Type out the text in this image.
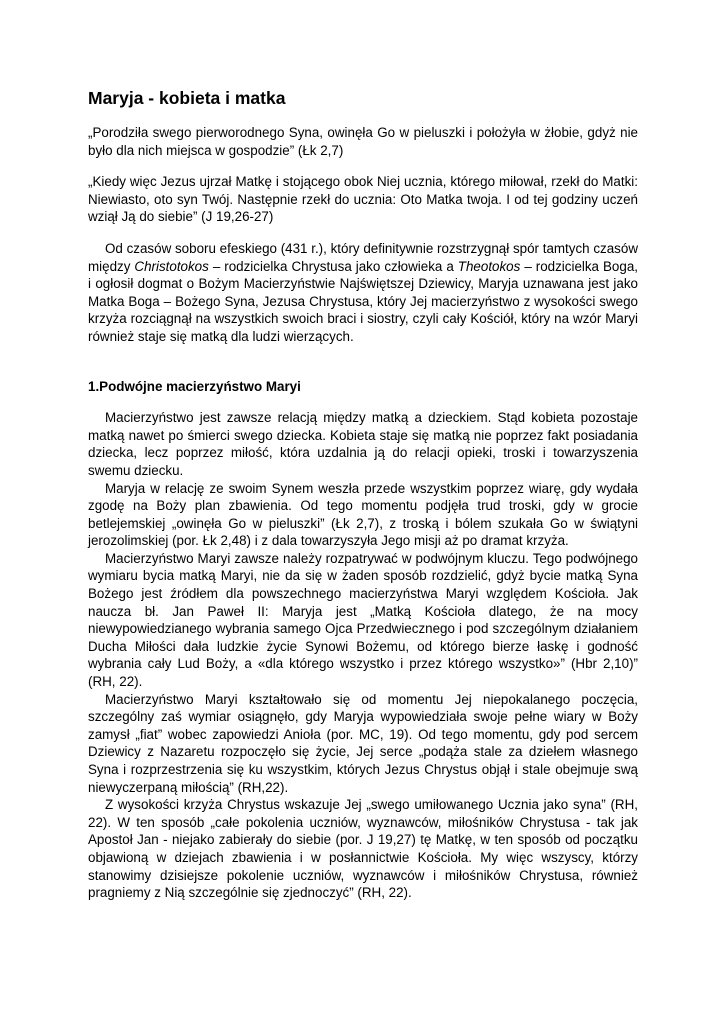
Maryja - kobieta i matka

„Porodziła swego pierworodnego Syna, owinęła Go w pieluszki i położyła w żłobie, gdyż nie było dla nich miejsca w gospodzie” (Łk 2,7)

„Kiedy więc Jezus ujrzał Matkę i stojącego obok Niej ucznia, którego miłował, rzekł do Matki: Niewiasto, oto syn Twój. Następnie rzekł do ucznia: Oto Matka twoja. I od tej godziny uczeń wziął Ją do siebie” (J 19,26-27)

Od czasów soboru efeskiego (431 r.), który definitywnie rozstrzygnął spór tamtych czasów między Christotokos – rodzicielka Chrystusa jako człowieka a Theotokos – rodzicielka Boga, i ogłosił dogmat o Bożym Macierzyństwie Najświętszej Dziewicy, Maryja uznawana jest jako Matka Boga – Bożego Syna, Jezusa Chrystusa, który Jej macierzyństwo z wysokości swego krzyża rozciągnął na wszystkich swoich braci i siostry, czyli cały Kościół, który na wzór Maryi również staje się matką dla ludzi wierzących.

1.Podwójne macierzyństwo Maryi

Macierzyństwo jest zawsze relacją między matką a dzieckiem. Stąd kobieta pozostaje matką nawet po śmierci swego dziecka. Kobieta staje się matką nie poprzez fakt posiadania dziecka, lecz poprzez miłość, która uzdalnia ją do relacji opieki, troski i towarzyszenia swemu dziecku.

Maryja w relację ze swoim Synem weszła przede wszystkim poprzez wiarę, gdy wydała zgodę na Boży plan zbawienia. Od tego momentu podjęła trud troski, gdy w grocie betlejemskiej „owinęła Go w pieluszki” (Łk 2,7), z troską i bólem szukała Go w świątyni jerozolimskiej (por. Łk 2,48) i z dala towarzyszyła Jego misji aż po dramat krzyża.

Macierzyństwo Maryi zawsze należy rozpatrywać w podwójnym kluczu. Tego podwójnego wymiaru bycia matką Maryi, nie da się w żaden sposób rozdzielić, gdyż bycie matką Syna Bożego jest źródłem dla powszechnego macierzyństwa Maryi względem Kościoła. Jak naucza bł. Jan Paweł II: Maryja jest „Matką Kościoła dlatego, że na mocy niewypowiedzianego wybrania samego Ojca Przedwiecznego i pod szczególnym działaniem Ducha Miłości dała ludzkie życie Synowi Bożemu, od którego bierze łaskę i godność wybrania cały Lud Boży, a «dla którego wszystko i przez którego wszystko»” (Hbr 2,10)” (RH, 22).

Macierzyństwo Maryi kształtowało się od momentu Jej niepokalanego poczęcia, szczególny zaś wymiar osiągnęło, gdy Maryja wypowiedziała swoje pełne wiary w Boży zamysł „fiat” wobec zapowiedzi Anioła (por. MC, 19). Od tego momentu, gdy pod sercem Dziewicy z Nazaretu rozpoczęło się życie, Jej serce „podąża stale za dziełem własnego Syna i rozprzestrzenia się ku wszystkim, których Jezus Chrystus objął i stale obejmuje swą niewyczerpaną miłością” (RH,22).

Z wysokości krzyża Chrystus wskazuje Jej „swego umiłowanego Ucznia jako syna” (RH, 22). W ten sposób „całe pokolenia uczniów, wyznawców, miłośników Chrystusa - tak jak Apostoł Jan - niejako zabierały do siebie (por. J 19,27) tę Matkę, w ten sposób od początku objawioną w dziejach zbawienia i w posłannictwie Kościoła. My więc wszyscy, którzy stanowimy dzisiejsze pokolenie uczniów, wyznawców i miłośników Chrystusa, również pragniemy z Nią szczególnie się zjednoczyć” (RH, 22).
